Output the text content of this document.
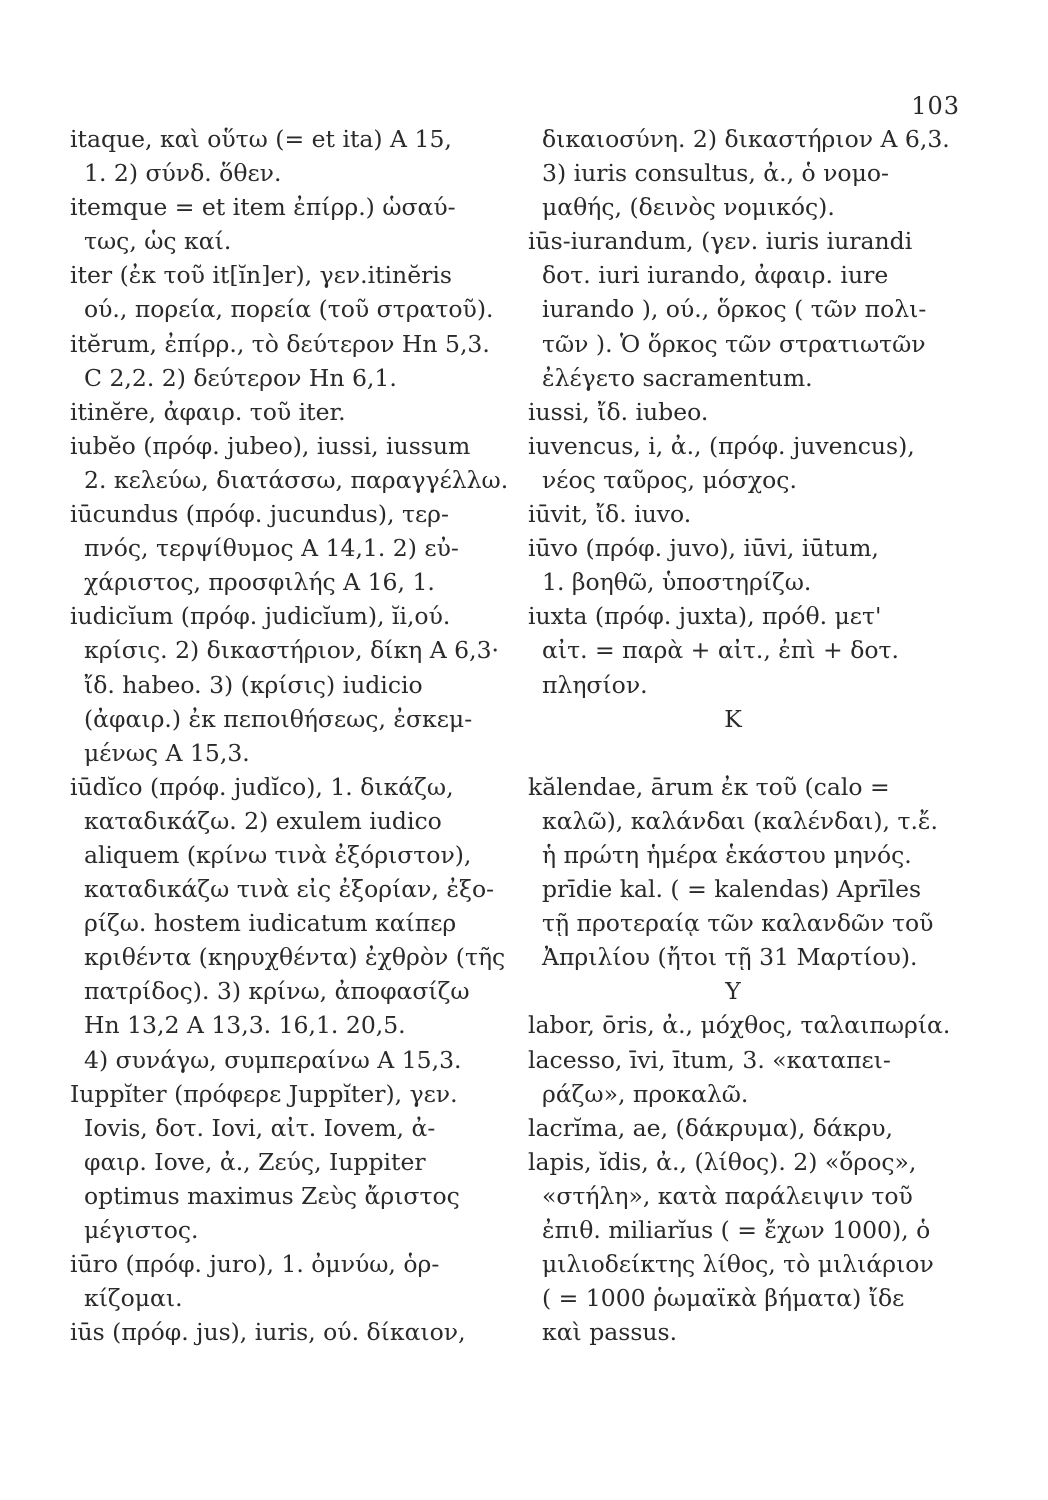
103
itaque, καὶ οὕτω (= et ita) A 15,
1. 2) σύνδ. ὅθεν.
itemque = et item ἐπίρρ.) ὡσαύ-
τως, ὡς καί.
iter (ἐκ τοῦ it[ĭn]er), γεν.itinĕris
ού., πορεία, πορεία (τοῦ στρατοῦ).
itĕrum, ἐπίρρ., τὸ δεύτερον Hn 5,3.
C 2,2. 2) δεύτερον Hn 6,1.
itinĕre, ἀφαιρ. τοῦ iter.
iubĕo (πρόφ. jubeo), iussi, iussum
2. κελεύω, διατάσσω, παραγγέλλω.
iūcundus (πρόφ. jucundus), τερ-
πνός, τερψίθυμος A 14,1. 2) εὐ-
χάριστος, προσφιλής A 16, 1.
iudicĭum (πρόφ. judicĭum), ĭi,ού.
κρίσις. 2) δικαστήριον, δίκη A 6,3·
ἴδ. habeo. 3) (κρίσις) iudicio
(ἀφαιρ.) ἐκ πεποιθήσεως, ἐσκεμ-
μένως A 15,3.
iūdĭco (πρόφ. judĭco), 1. δικάζω,
καταδικάζω. 2) exulem iudico
aliquem (κρίνω τινὰ ἐξόριστον),
καταδικάζω τινὰ εἰς ἐξορίαν, ἐξο-
ρίζω. hostem iudicatum καίπερ
κριθέντα (κηρυχθέντα) ἐχθρὸν (τῆς
πατρίδος). 3) κρίνω, ἀποφασίζω
Hn 13,2 A 13,3. 16,1. 20,5.
4) συνάγω, συμπεραίνω A 15,3.
Iuppĭter (πρόφερε Juppĭter), γεν.
Iovis, δοτ. Iovi, αἰτ. Iovem, ἀ-
φαιρ. Iove, ἀ., Ζεύς, Iuppiter
optimus maximus Ζεὺς ἄριστος
μέγιστος.
iūro (πρόφ. juro), 1. ὀμνύω, ὁρ-
κίζομαι.
iūs (πρόφ. jus), iuris, ού. δίκαιον,
δικαιοσύνη. 2) δικαστήριον A 6,3.
3) iuris consultus, ἀ., ὁ νομο-
μαθής, (δεινὸς νομικός).
iūs-iurandum, (γεν. iuris iurandi
δοτ. iuri iurando, ἀφαιρ. iure
iurando ), ού., ὅρκος ( τῶν πολι-
τῶν ). Ὁ ὅρκος τῶν στρατιωτῶν
ἐλέγετο sacramentum.
iussi, ἴδ. iubeo.
iuvencus, i, ἀ., (πρόφ. juvencus),
νέος ταῦρος, μόσχος.
iūvit, ἴδ. iuvo.
iūvo (πρόφ. juvo), iūvi, iūtum,
1. βοηθῶ, ὑποστηρίζω.
iuxta (πρόφ. juxta), πρόθ. μετ'
αἰτ. = παρὰ + αἰτ., ἐπὶ + δοτ.
πλησίον.
K
kălendae, ārum ἐκ τοῦ (calo =
καλῶ), καλάνδαι (καλένδαι), τ.ἔ.
ἡ πρώτη ἡμέρα ἑκάστου μηνός.
prīdie kal. ( = kalendas) Aprīles
τῇ προτεραίᾳ τῶν καλανδῶν τοῦ
Ἀπριλίου (ἤτοι τῇ 31 Μαρτίου).
Υ
labor, ōris, ἀ., μόχθος, ταλαιπωρία.
lacesso, īvi, ītum, 3. «καταπει-
ράζω», προκαλῶ.
lacrĭma, ae, (δάκρυμα), δάκρυ,
lapis, ĭdis, ἀ., (λίθος). 2) «ὅρος»,
«στήλη», κατὰ παράλειψιν τοῦ
ἐπιθ. miliarĭus ( = ἔχων 1000), ὁ
μιλιοδείκτης λίθος, τὸ μιλιάριον
( = 1000 ῥωμαϊκὰ βήματα) ἴδε
καὶ passus.
